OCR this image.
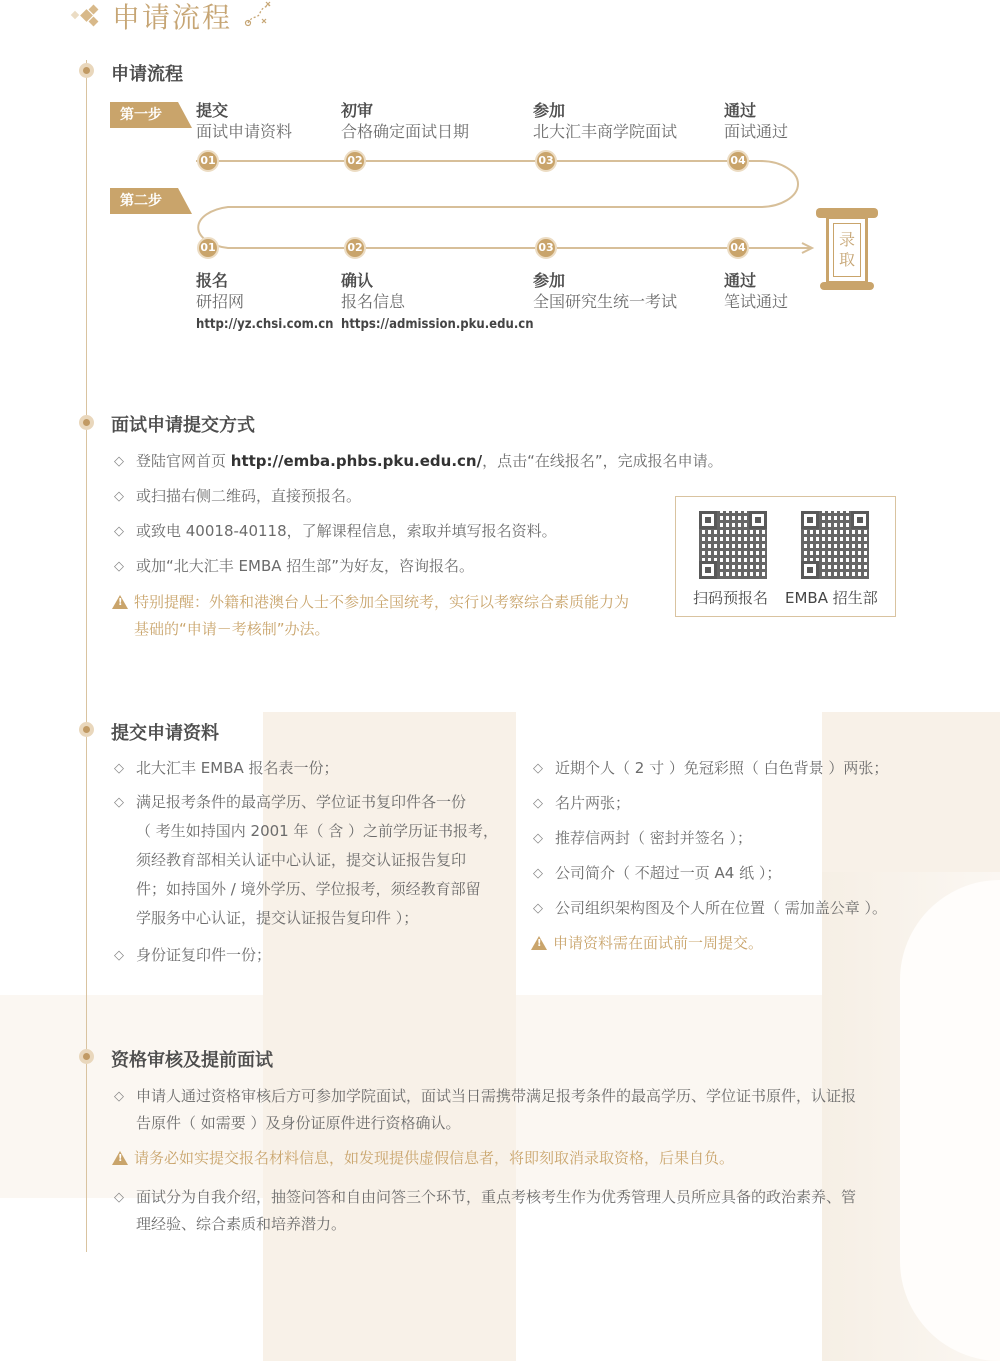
申请流程
申请流程
面试申请提交方式
提交申请资料
资格审核及提前面试
第一步
第二步
提交
面试申请资料
初审
合格确定面试日期
参加
北大汇丰商学院面试
通过
面试通过
01	02	03	04
01	02	03	04
报名
研招网
http://yz.chsi.com.cn
确认
报名信息
https://admission.pku.edu.cn
参加
全国研究生统一考试
通过
笔试通过
录
取
◇ 登陆官网首页 http://emba.phbs.pku.edu.cn/，点击“在线报名”，完成报名申请。
◇ 或扫描右侧二维码，直接预报名。
◇ 或致电 40018-40118，了解课程信息，索取并填写报名资料。
◇ 或加“北大汇丰 EMBA 招生部”为好友，咨询报名。
!
特别提醒：外籍和港澳台人士不参加全国统考，实行以考察综合素质能力为
基础的“申请－考核制”办法。
扫码预报名 EMBA 招生部
◇ 北大汇丰 EMBA 报名表一份；
◇ 满足报考条件的最高学历、学位证书复印件各一份
（ 考生如持国内 2001 年（ 含 ）之前学历证书报考，
须经教育部相关认证中心认证，提交认证报告复印
件；如持国外 / 境外学历、学位报考，须经教育部留
学服务中心认证，提交认证报告复印件 ）；
◇ 身份证复印件一份；
◇ 近期个人（ 2 寸 ）免冠彩照（ 白色背景 ）两张；
◇ 名片两张；
◇ 推荐信两封（ 密封并签名 ）；
◇ 公司简介（ 不超过一页 A4 纸 ）；
◇ 公司组织架构图及个人所在位置（ 需加盖公章 ）。
!
申请资料需在面试前一周提交。
◇ 申请人通过资格审核后方可参加学院面试，面试当日需携带满足报考条件的最高学历、学位证书原件，认证报
告原件（ 如需要 ）及身份证原件进行资格确认。
!
请务必如实提交报名材料信息，如发现提供虚假信息者，将即刻取消录取资格，后果自负。
◇ 面试分为自我介绍，抽签问答和自由问答三个环节，重点考核考生作为优秀管理人员所应具备的政治素养、管
理经验、综合素质和培养潜力。
